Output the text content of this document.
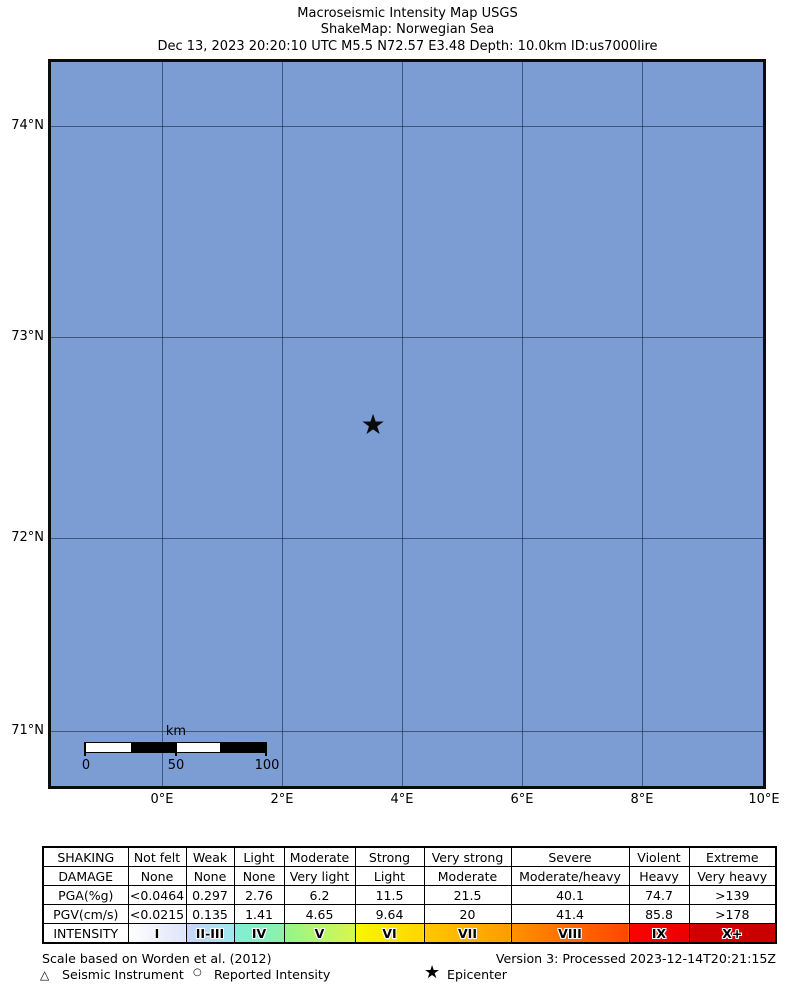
Macroseismic Intensity Map USGS
ShakeMap: Norwegian Sea
Dec 13, 2023 20:20:10 UTC M5.5 N72.57 E3.48 Depth: 10.0km ID:us7000lire
★
km
0	50	100
74°N
73°N
72°N
71°N
0°E	2°E	4°E	6°E	8°E	10°E
SHAKING	Not felt	Weak	Light	Moderate	Strong	Very strong	Severe	Violent	Extreme
DAMAGE	None	None	None	Very light	Light	Moderate	Moderate/heavy	Heavy	Very heavy
PGA(%g)	<0.0464	0.297	2.76	6.2	11.5	21.5	40.1	74.7	>139
PGV(cm/s)	<0.0215	0.135	1.41	4.65	9.64	20	41.4	85.8	>178
INTENSITY	I	II-III	IV	V	VI	VII	VIII	IX	X+
Scale based on Worden et al. (2012)	Version 3: Processed 2023-12-14T20:21:15Z
△ Seismic Instrument ○ Reported Intensity	★ Epicenter
